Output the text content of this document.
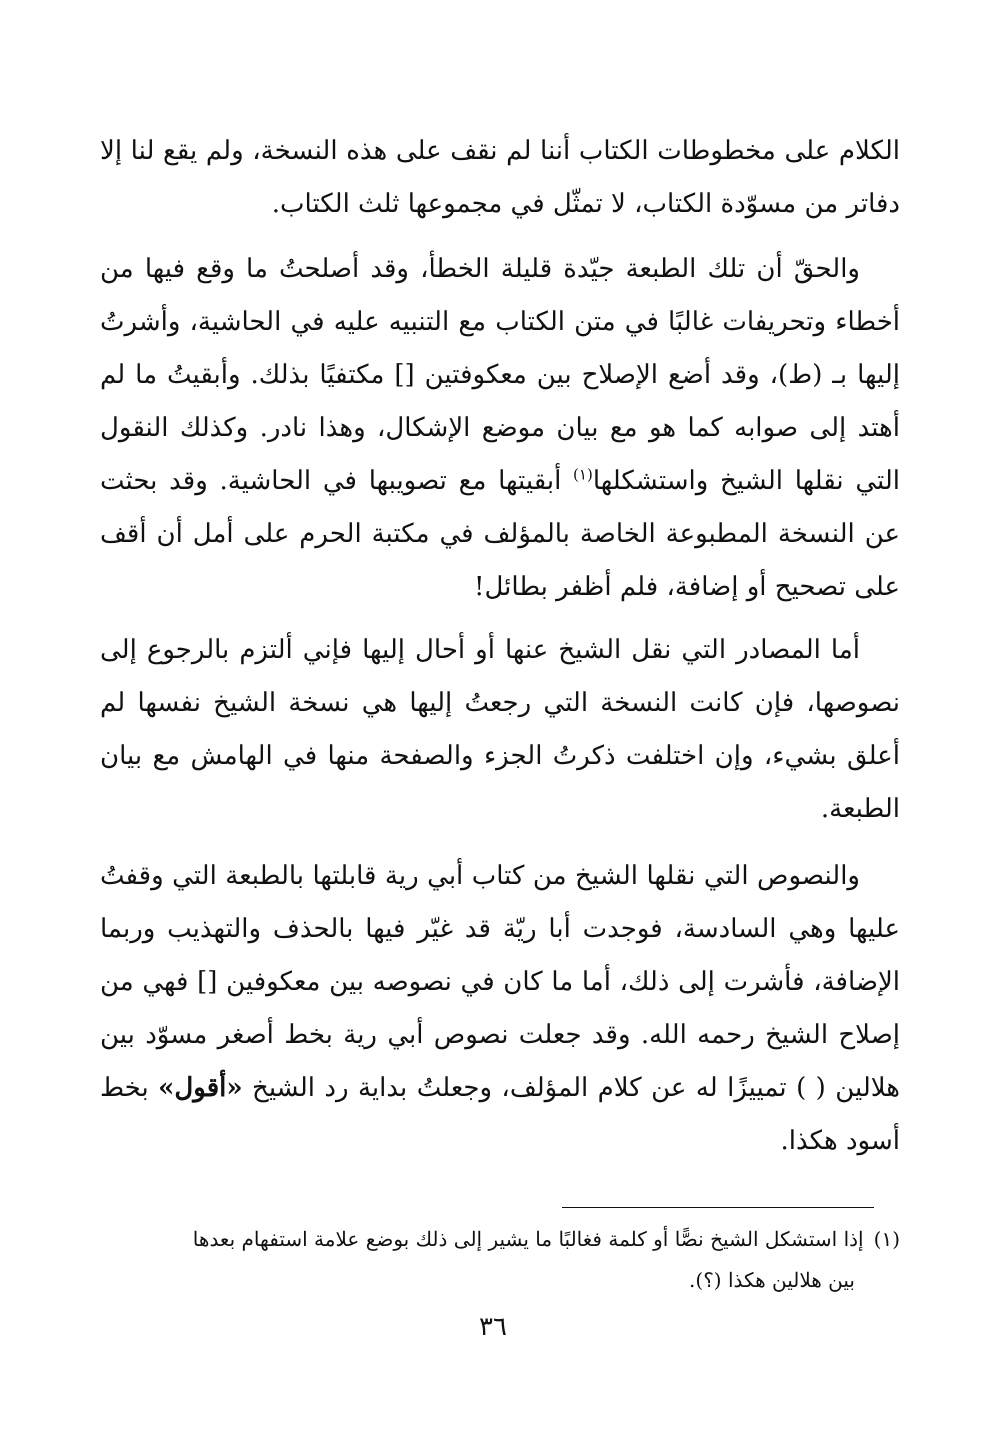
الكلام على مخطوطات الكتاب أننا لم نقف على هذه النسخة، ولم يقع لنا إلا دفاتر من مسوّدة الكتاب، لا تمثّل في مجموعها ثلث الكتاب.

والحقّ أن تلك الطبعة جيّدة قليلة الخطأ، وقد أصلحتُ ما وقع فيها من أخطاء وتحريفات غالبًا في متن الكتاب مع التنبيه عليه في الحاشية، وأشرتُ إليها بـ (ط)، وقد أضع الإصلاح بين معكوفتين [] مكتفيًا بذلك. وأبقيتُ ما لم أهتد إلى صوابه كما هو مع بيان موضع الإشكال، وهذا نادر. وكذلك النقول التي نقلها الشيخ واستشكلها$^{(١)}$ أبقيتها مع تصويبها في الحاشية. وقد بحثت عن النسخة المطبوعة الخاصة بالمؤلف في مكتبة الحرم على أمل أن أقف على تصحيح أو إضافة، فلم أظفر بطائل!

أما المصادر التي نقل الشيخ عنها أو أحال إليها فإني ألتزم بالرجوع إلى نصوصها، فإن كانت النسخة التي رجعتُ إليها هي نسخة الشيخ نفسها لم أعلق بشيء، وإن اختلفت ذكرتُ الجزء والصفحة منها في الهامش مع بيان الطبعة.

والنصوص التي نقلها الشيخ من كتاب أبي رية قابلتها بالطبعة التي وقفتُ عليها وهي السادسة، فوجدت أبا ريّة قد غيّر فيها بالحذف والتهذيب وربما الإضافة، فأشرت إلى ذلك، أما ما كان في نصوصه بين معكوفين [] فهي من إصلاح الشيخ رحمه الله. وقد جعلت نصوص أبي رية بخط أصغر مسوّد بين هلالين ( ) تمييزًا له عن كلام المؤلف، وجعلتُ بداية رد الشيخ «أقول» بخط أسود هكذا.

(١)إذا استشكل الشيخ نصًّا أو كلمة فغالبًا ما يشير إلى ذلك بوضع علامة استفهام بعدها
بين هلالين هكذا (؟).
٣٦
